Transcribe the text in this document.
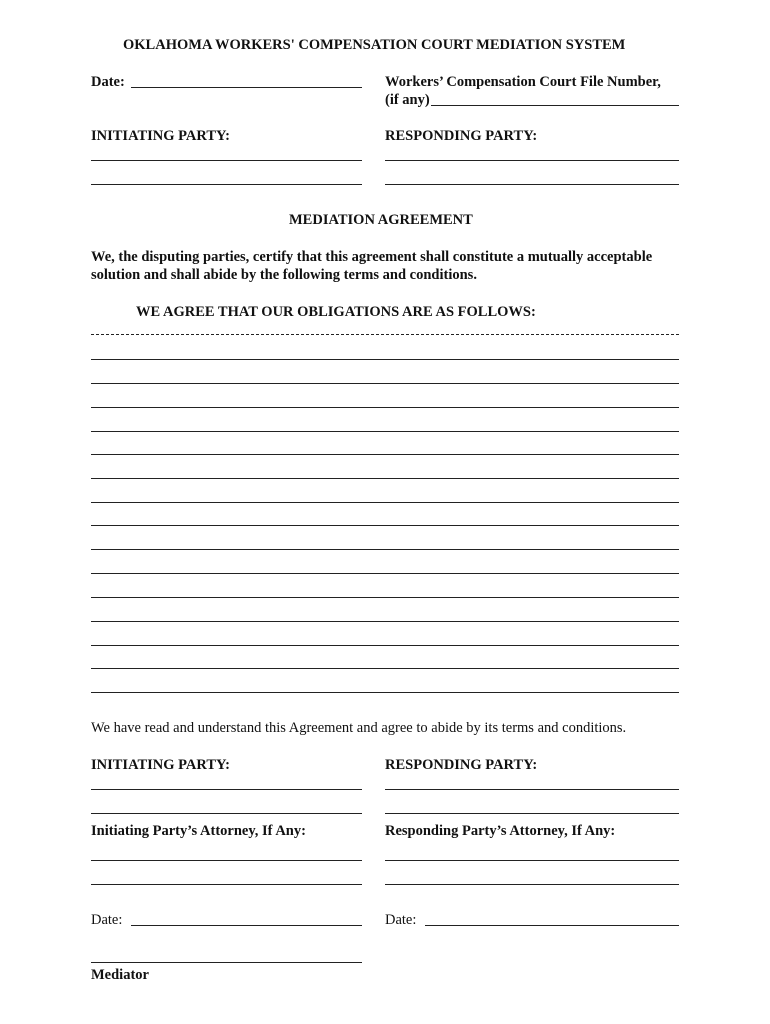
OKLAHOMA WORKERS' COMPENSATION COURT MEDIATION SYSTEM
Date:	Workers’ Compensation Court File Number,
(if any)
INITIATING PARTY:	RESPONDING PARTY:
MEDIATION AGREEMENT
We, the disputing parties, certify that this agreement shall constitute a mutually acceptable
solution and shall abide by the following terms and conditions.
WE AGREE THAT OUR OBLIGATIONS ARE AS FOLLOWS:
We have read and understand this Agreement and agree to abide by its terms and conditions.
INITIATING PARTY:	RESPONDING PARTY:
Initiating Party’s Attorney, If Any:	Responding Party’s Attorney, If Any:
Date:	Date:
Mediator
